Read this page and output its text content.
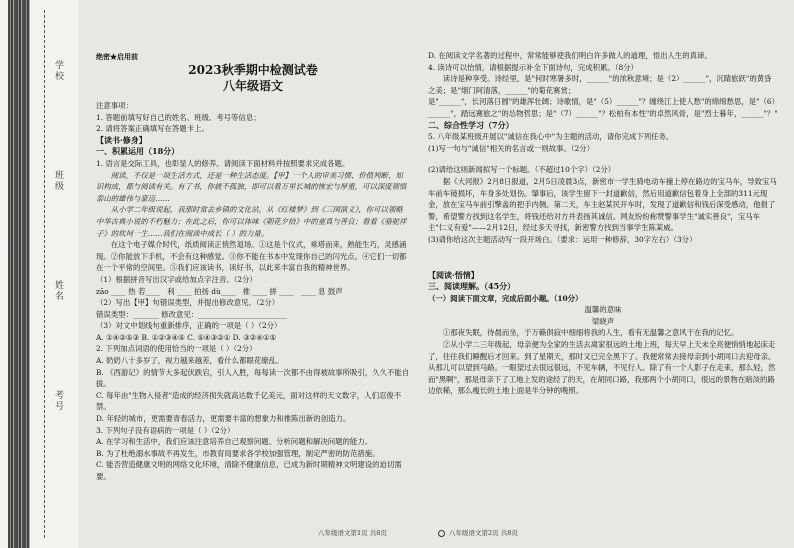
学校
班级
姓名
考号
绝密★启用前
2023秋季期中检测试卷
八年级语文

注意事项：

1. 答题前填写好自己的姓名、班级、考号等信息；

2. 请将答案正确填写在答题卡上。

【读书·修身】

一、积累运用（18分）

1. 语言是交际工具，也彰显人的修养。请阅读下面材料并按照要求完成各题。

阅读，不仅是一项生活方式，还是一种生活态度。【甲】一个人的审美习惯、价值判断、知识构成，都与阅读有关。有了书，你就不孤独，即可以看万里长城的恢宏与厚重，可以深度领悟泰山的雄伟与豪迈……

从小学二年级说起，我那时常去乡镇的文化站，从《红楼梦》到《三国演义》，你可以领略中华古典小说的不朽魅力；在此之后，你可以体味《朝花夕拾》中的童真与善良；看着《骆驼祥子》的坎坷一生……我们在阅读中成长（ ）的力量。

在这个电子媒介时代，纸质阅读正悄然退场。①这是个仪式，乘塔而来，熟能生巧，灵感涌现。②你能放下手机，不会有这种感觉。③你不能在书本中发现你自己的闪光点。④它们一切都在一个平常的空间里。⑤我们应该读书，读好书，以此来丰富自我的精神世界。

（1）根据拼音写出汉字或给加点字注音。（2分）

zāo ____ 热 若____ 利 ____ 拍扬 dù____ 推 ____ 拼 ____ ____ 息 鼓声

（2）写出【甲】句错误类型，并提出修改意见。（2分）

错误类型：_______ 修改意见：________________________

（3）对文中划线句重新排序，正确的一项是（ ）（2分）

A. ①④②⑤③ B. ①②③④⑤ C. ⑤④③②① D. ③②④①⑤

2. 下列加点词语的使用恰当的一项是（ ）（2分）

A. 奶奶八十多岁了，视力越来越差，看什么都眼花缭乱。

B. 《西游记》的情节大多起伏跌宕，引人入胜，每每读一次都不由得被故事所吸引，久久不能自拔。

C. 每年由"生物入侵者"造成的经济损失就高达数千亿美元，面对这样的天文数字，人们忍俊不禁。

D. 年轻的城市，更需要青春活力，更需要丰富的想象力和推陈出新的创造力。

3. 下列句子没有语病的一项是（ ）（2分）

A. 在学习和生活中，我们应该注意培养自己观察问题、分析问题和解决问题的能力。

B. 为了杜绝溺水事故不再发生，市教育局要求各学校加强管理，制定严密的防范措施。

C. 能否营造健康文明的网络文化环境，清除不健康信息，已成为新时期精神文明建设的迫切需要。

D. 在阅读文学名著的过程中，常常能够使我们明白许多做人的道理，悟出人生的真谛。

4. 读诗可以怡情，请根据提示补全下面诗句，完成积累。（8分）

读诗是种享受。诗经里，是"何时寒暑多时，______"的浓秋意境；是（2）______"，沉睛旅跃"的黄昏之美；是"烟门阿清落，______"的菊花赛赏；

是"______"，长河落日圆"的雄浑壮阔；诗歌情，是"（5）______"？缠绕江上使人愁"的绵绵愁思，是"（6）______"，踏远赛旅之"的怂物哲思；是"（7）______"？松柏有本性"的卓然风骨，是"烈士暮年，______"？"

二、综合性学习（7分）

5. 八年级某班级开展以"诚信在我心中"为主题的活动，请你完成下列任务。

(1)写一句与"诚信"相关的名言或一则故事。（2分）

(2)请给这则新闻拟写一个标题。（不超过10个字）（2分）

据《大河报》2月8日报道，2月5日凌晨3点，新密市一学生骑电动车撞上停在路边的宝马车，导致宝马车前车镜损坏，车身多处划伤。肇事后，该学生留下一封道歉信，然后用道歉信包着身上全部的311元现金，放在宝马车前引擎盖的把手内侧。第二天，车主赵某民开车时，发现了道歉信和钱后深受感动，他报了警，希望警方找到这名学生，将钱还给对方并表扬其诚信。网友纷纷称赞警事学生"诚实善良"，宝马车主"仁义有爱"——2月12日，经过多天寻找，新密警方找到当事学生陈某威。

(3)请你给这次主题活动写一段开场白。（要求：运用一种修辞，30字左右）（3分）

【阅读·悟情】

三、阅读理解。（45分）

（一）阅读下面文章，完成后面小题。（10分）

温馨的意味

梁晓声

①那夜失眠，待晨而坐，于万籁俱寂中细细将我的人生，看有无温馨之意风干在我的记忆。

②从小学二三年级起，母亲便为全家的生活去离家很远的土地上班，每天早上天未全亮便悄悄地起床走了，往往我们睡醒后才回来。到了星期天，那时又已完全黑下了。我便常常去接母亲到小胡同口去迎母亲。从那儿可以望到马路。一眼望过去很远很远，不见车辆，不见行人。除了有一个人影子在走来，那么轻，然而"黑啊"，那是母亲下了工地上发的途经了的天，在胡同口路，我那两个小胡同口，很远的景物在暗淡的路边依稀，那么瘦长的土地上面是半分钟的晚照。

八年级语文第1页 共8页	八年级语文第2页 共8页
